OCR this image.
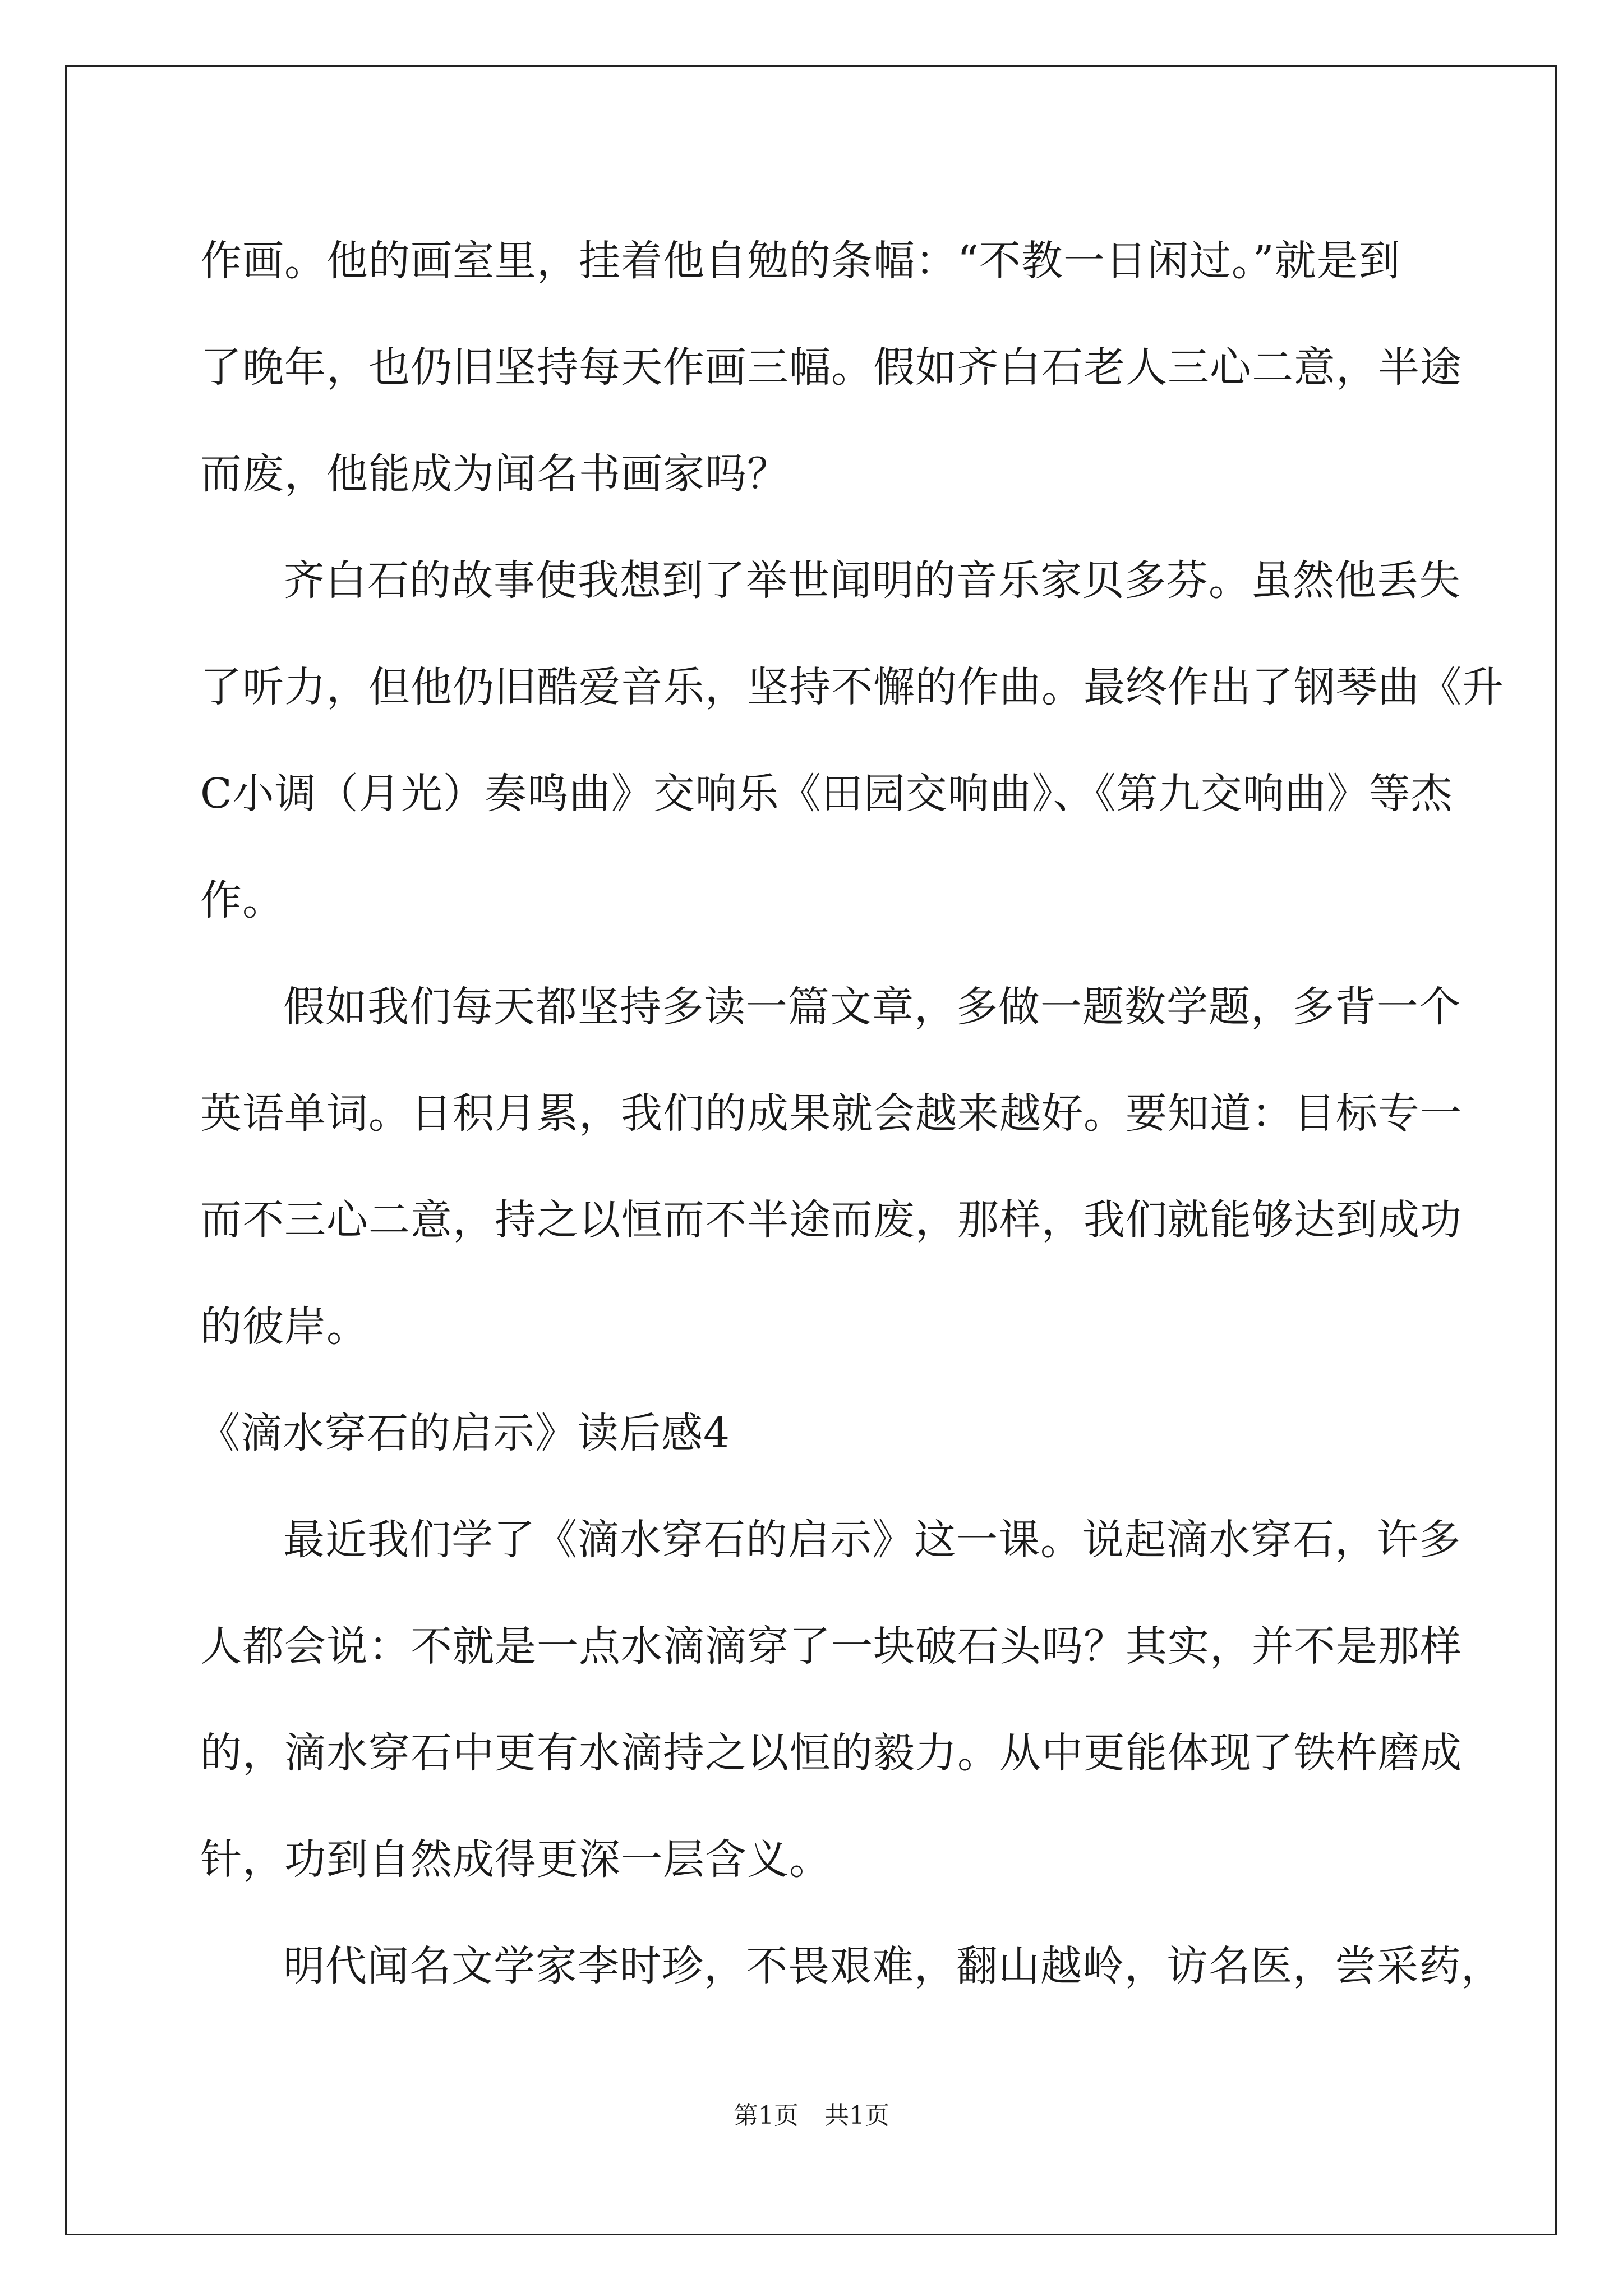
作画。他的画室里，挂着他自勉的条幅：“不教一日闲过。”就是到
了晚年，也仍旧坚持每天作画三幅。假如齐白石老人三心二意，半途
而废，他能成为闻名书画家吗？
齐白石的故事使我想到了举世闻明的音乐家贝多芬。虽然他丢失
了听力，但他仍旧酷爱音乐，坚持不懈的作曲。最终作出了钢琴曲《升
C小调（月光）奏鸣曲》交响乐《田园交响曲》、《第九交响曲》等杰
作。
假如我们每天都坚持多读一篇文章，多做一题数学题，多背一个
英语单词。日积月累，我们的成果就会越来越好。要知道：目标专一
而不三心二意，持之以恒而不半途而废，那样，我们就能够达到成功
的彼岸。
《滴水穿石的启示》读后感4
最近我们学了《滴水穿石的启示》这一课。说起滴水穿石，许多
人都会说：不就是一点水滴滴穿了一块破石头吗？其实，并不是那样
的，滴水穿石中更有水滴持之以恒的毅力。从中更能体现了铁杵磨成
针，功到自然成得更深一层含义。
明代闻名文学家李时珍，不畏艰难，翻山越岭，访名医，尝采药，
第1页 共1页
